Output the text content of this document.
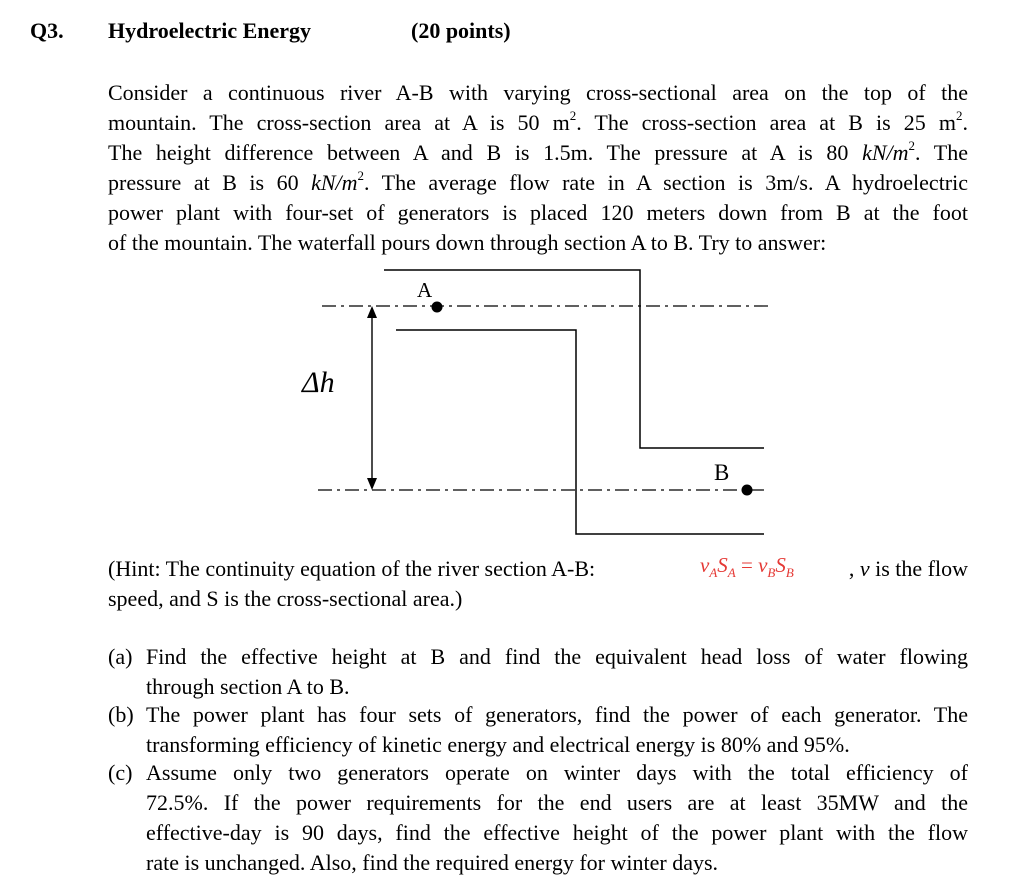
Q3. Hydroelectric Energy	(20 points)
Consider a continuous river A-B with varying cross-sectional area on the top of the
mountain. The cross-section area at A is 50 $m^2$. The cross-section area at B is 25 $m^2$.
The height difference between A and B is 1.5m. The pressure at A is 80 $kN/m^2$. The
pressure at B is 60 $kN/m^2$. The average flow rate in A section is 3m/s. A hydroelectric
power plant with four-set of generators is placed 120 meters down from B at the foot
of the mountain. The waterfall pours down through section A to B. Try to answer:
A
B
Δh
(Hint: The continuity equation of the river section A-B:	$v_AS_A = v_BS_B$	, v is the flow
speed, and S is the cross-sectional area.)
(a) Find the effective height at B and find the equivalent head loss of water flowing
through section A to B.
(b) The power plant has four sets of generators, find the power of each generator. The
transforming efficiency of kinetic energy and electrical energy is 80% and 95%.
(c) Assume only two generators operate on winter days with the total efficiency of
72.5%. If the power requirements for the end users are at least 35MW and the
effective-day is 90 days, find the effective height of the power plant with the flow
rate is unchanged. Also, find the required energy for winter days.
